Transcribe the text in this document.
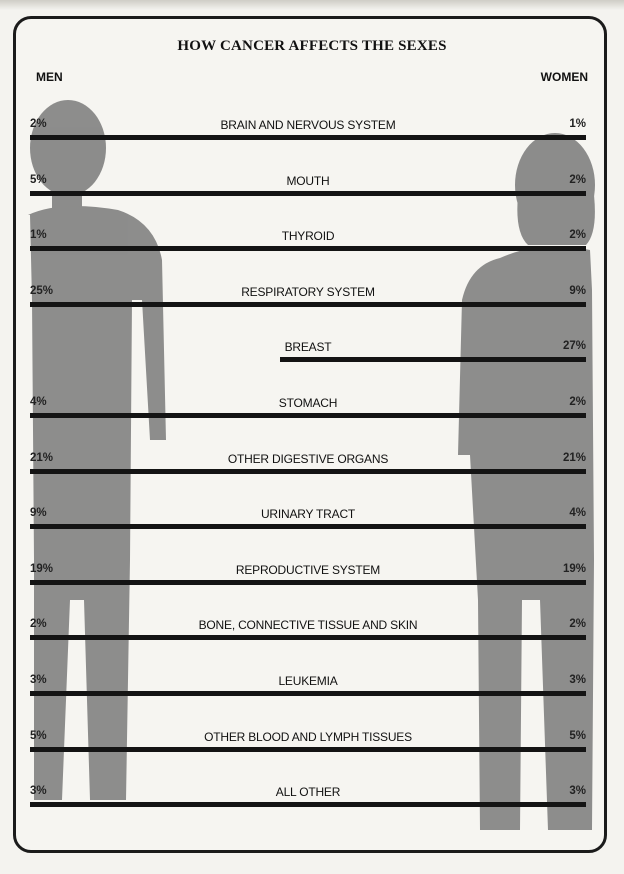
HOW CANCER AFFECTS THE SEXES
MEN	WOMEN
2%	BRAIN AND NERVOUS SYSTEM	1%
5%	MOUTH	2%
1%	THYROID	2%
25%	RESPIRATORY SYSTEM	9%
BREAST	27%
4%	STOMACH	2%
21%	OTHER DIGESTIVE ORGANS	21%
9%	URINARY TRACT	4%
19%	REPRODUCTIVE SYSTEM	19%
2%	BONE, CONNECTIVE TISSUE AND SKIN	2%
3%	LEUKEMIA	3%
5%	OTHER BLOOD AND LYMPH TISSUES	5%
3%	ALL OTHER	3%
